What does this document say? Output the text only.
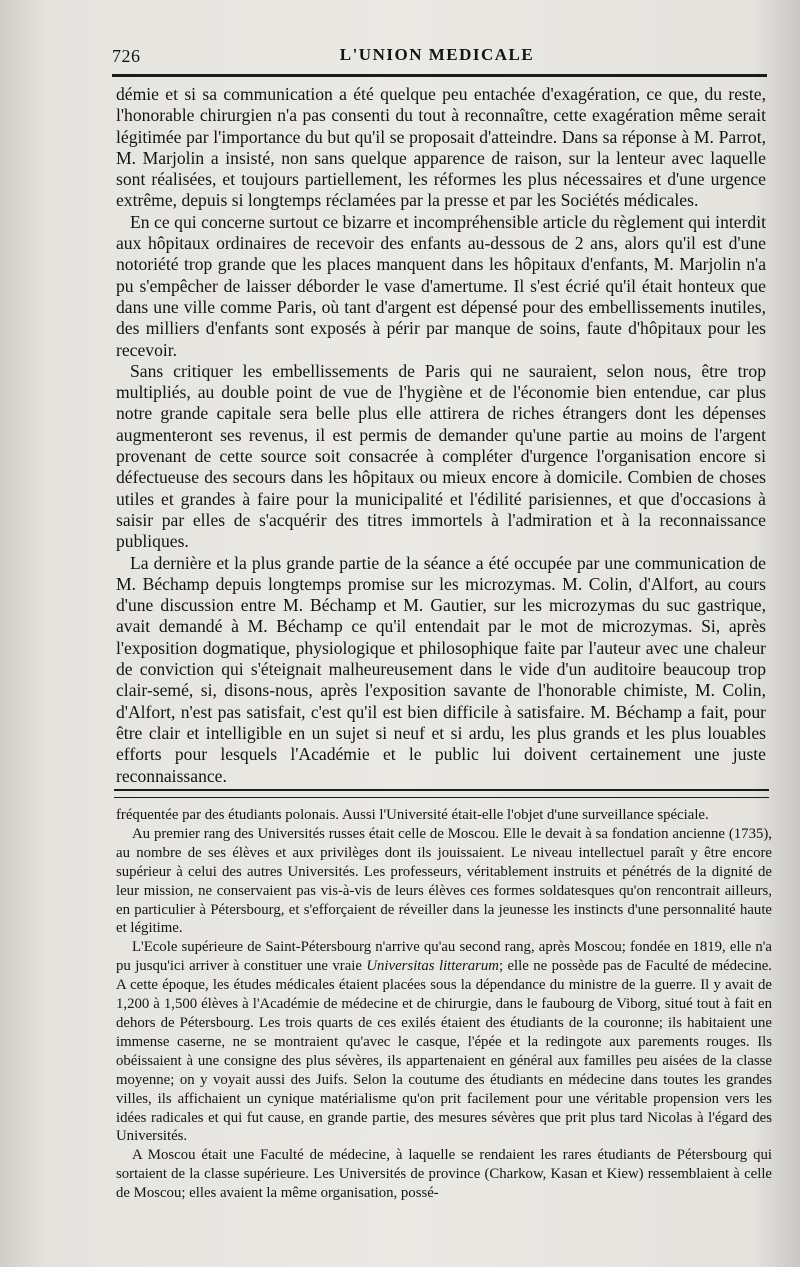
726	L'UNION MEDICALE

démie et si sa communication a été quelque peu entachée d'exagération, ce que, du reste, l'honorable chirurgien n'a pas consenti du tout à reconnaître, cette exagération même serait légitimée par l'importance du but qu'il se proposait d'atteindre. Dans sa réponse à M. Parrot, M. Marjolin a insisté, non sans quelque apparence de raison, sur la lenteur avec laquelle sont réalisées, et toujours partiellement, les réformes les plus nécessaires et d'une urgence extrême, depuis si longtemps réclamées par la presse et par les Sociétés médicales.

En ce qui concerne surtout ce bizarre et incompréhensible article du règlement qui interdit aux hôpitaux ordinaires de recevoir des enfants au-dessous de 2 ans, alors qu'il est d'une notoriété trop grande que les places manquent dans les hôpitaux d'enfants, M. Marjolin n'a pu s'empêcher de laisser déborder le vase d'amertume. Il s'est écrié qu'il était honteux que dans une ville comme Paris, où tant d'argent est dépensé pour des embellissements inutiles, des milliers d'enfants sont exposés à périr par manque de soins, faute d'hôpitaux pour les recevoir.

Sans critiquer les embellissements de Paris qui ne sauraient, selon nous, être trop multipliés, au double point de vue de l'hygiène et de l'économie bien entendue, car plus notre grande capitale sera belle plus elle attirera de riches étrangers dont les dépenses augmenteront ses revenus, il est permis de demander qu'une partie au moins de l'argent provenant de cette source soit consacrée à compléter d'urgence l'organisation encore si défectueuse des secours dans les hôpitaux ou mieux encore à domicile. Combien de choses utiles et grandes à faire pour la municipalité et l'édilité parisiennes, et que d'occasions à saisir par elles de s'acquérir des titres immortels à l'admiration et à la reconnaissance publiques.

La dernière et la plus grande partie de la séance a été occupée par une communication de M. Béchamp depuis longtemps promise sur les microzymas. M. Colin, d'Alfort, au cours d'une discussion entre M. Béchamp et M. Gautier, sur les microzymas du suc gastrique, avait demandé à M. Béchamp ce qu'il entendait par le mot de microzymas. Si, après l'exposition dogmatique, physiologique et philosophique faite par l'auteur avec une chaleur de conviction qui s'éteignait malheureusement dans le vide d'un auditoire beaucoup trop clair-semé, si, disons-nous, après l'exposition savante de l'honorable chimiste, M. Colin, d'Alfort, n'est pas satisfait, c'est qu'il est bien difficile à satisfaire. M. Béchamp a fait, pour être clair et intelligible en un sujet si neuf et si ardu, les plus grands et les plus louables efforts pour lesquels l'Académie et le public lui doivent certainement une juste reconnaissance.

fréquentée par des étudiants polonais. Aussi l'Université était-elle l'objet d'une surveillance spéciale.

Au premier rang des Universités russes était celle de Moscou. Elle le devait à sa fondation ancienne (1735), au nombre de ses élèves et aux privilèges dont ils jouissaient. Le niveau intellectuel paraît y être encore supérieur à celui des autres Universités. Les professeurs, véritablement instruits et pénétrés de la dignité de leur mission, ne conservaient pas vis-à-vis de leurs élèves ces formes soldatesques qu'on rencontrait ailleurs, en particulier à Pétersbourg, et s'efforçaient de réveiller dans la jeunesse les instincts d'une personnalité haute et légitime.

L'Ecole supérieure de Saint-Pétersbourg n'arrive qu'au second rang, après Moscou; fondée en 1819, elle n'a pu jusqu'ici arriver à constituer une vraie Universitas litterarum; elle ne possède pas de Faculté de médecine. A cette époque, les études médicales étaient placées sous la dépendance du ministre de la guerre. Il y avait de 1,200 à 1,500 élèves à l'Académie de médecine et de chirurgie, dans le faubourg de Viborg, situé tout à fait en dehors de Pétersbourg. Les trois quarts de ces exilés étaient des étudiants de la couronne; ils habitaient une immense caserne, ne se montraient qu'avec le casque, l'épée et la redingote aux parements rouges. Ils obéissaient à une consigne des plus sévères, ils appartenaient en général aux familles peu aisées de la classe moyenne; on y voyait aussi des Juifs. Selon la coutume des étudiants en médecine dans toutes les grandes villes, ils affichaient un cynique matérialisme qu'on prit facilement pour une véritable propension vers les idées radicales et qui fut cause, en grande partie, des mesures sévères que prit plus tard Nicolas à l'égard des Universités.

A Moscou était une Faculté de médecine, à laquelle se rendaient les rares étudiants de Pétersbourg qui sortaient de la classe supérieure. Les Universités de province (Charkow, Kasan et Kiew) ressemblaient à celle de Moscou; elles avaient la même organisation, possé-
